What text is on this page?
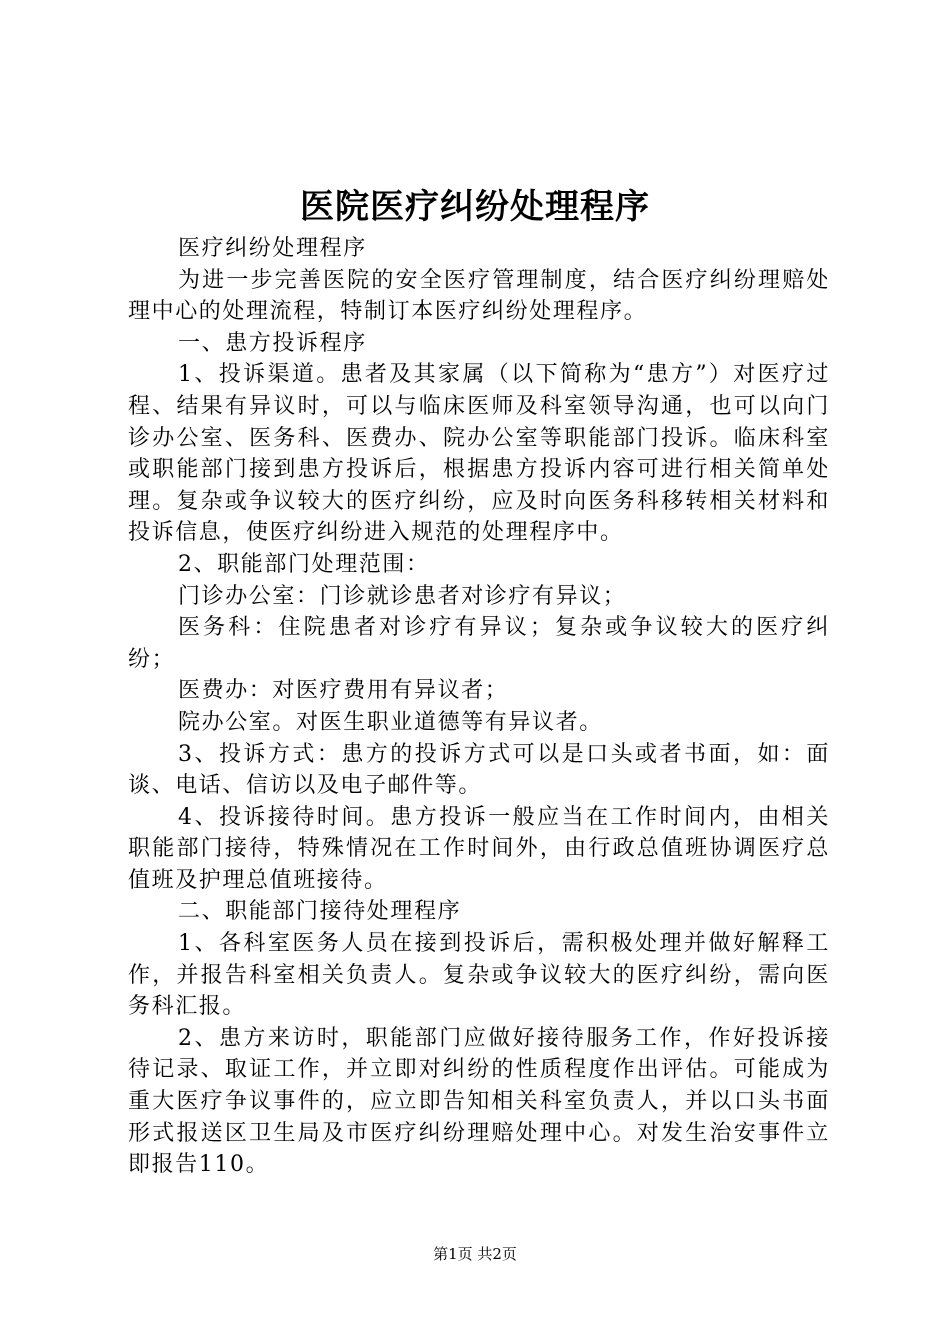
医院医疗纠纷处理程序

医疗纠纷处理程序

为进一步完善医院的安全医疗管理制度，结合医疗纠纷理赔处理中心的处理流程，特制订本医疗纠纷处理程序。

一、患方投诉程序

1、投诉渠道。患者及其家属（以下简称为“患方”）对医疗过程、结果有异议时，可以与临床医师及科室领导沟通，也可以向门诊办公室、医务科、医费办、院办公室等职能部门投诉。临床科室或职能部门接到患方投诉后，根据患方投诉内容可进行相关简单处理。复杂或争议较大的医疗纠纷，应及时向医务科移转相关材料和投诉信息，使医疗纠纷进入规范的处理程序中。

2、职能部门处理范围：

门诊办公室：门诊就诊患者对诊疗有异议；

医务科：住院患者对诊疗有异议；复杂或争议较大的医疗纠纷；

医费办：对医疗费用有异议者；

院办公室。对医生职业道德等有异议者。

3、投诉方式：患方的投诉方式可以是口头或者书面，如：面谈、电话、信访以及电子邮件等。

4、投诉接待时间。患方投诉一般应当在工作时间内，由相关职能部门接待，特殊情况在工作时间外，由行政总值班协调医疗总值班及护理总值班接待。

二、职能部门接待处理程序

1、各科室医务人员在接到投诉后，需积极处理并做好解释工作，并报告科室相关负责人。复杂或争议较大的医疗纠纷，需向医务科汇报。

2、患方来访时，职能部门应做好接待服务工作，作好投诉接待记录、取证工作，并立即对纠纷的性质程度作出评估。可能成为重大医疗争议事件的，应立即告知相关科室负责人，并以口头书面形式报送区卫生局及市医疗纠纷理赔处理中心。对发生治安事件立即报告110。

第1页 共2页
